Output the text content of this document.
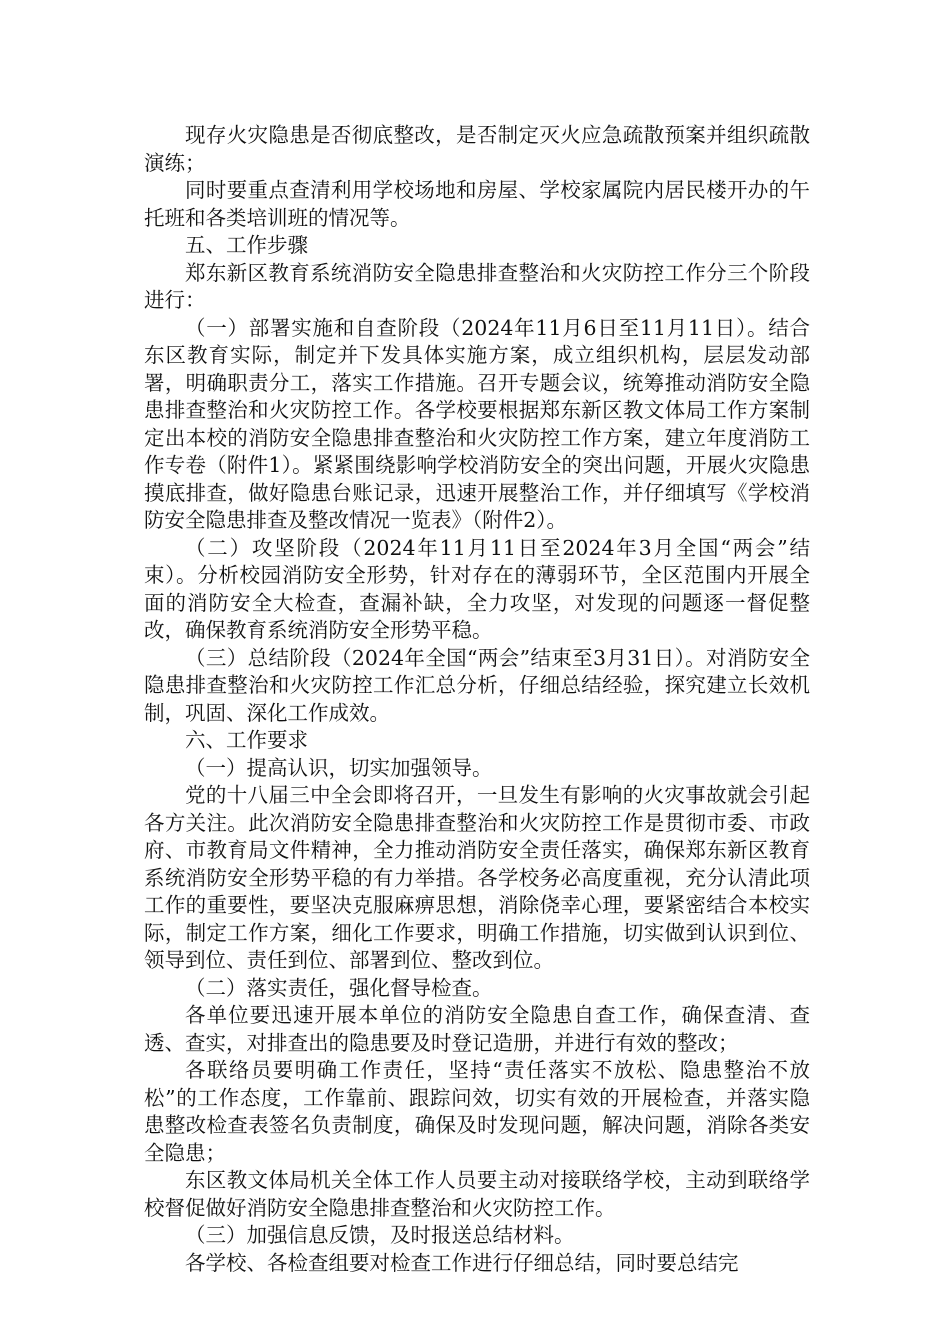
现存火灾隐患是否彻底整改，是否制定灭火应急疏散预案并组织疏散演练；

同时要重点查清利用学校场地和房屋、学校家属院内居民楼开办的午托班和各类培训班的情况等。

五、工作步骤

郑东新区教育系统消防安全隐患排查整治和火灾防控工作分三个阶段进行：

（一）部署实施和自查阶段（2024年11月6日至11月11日）。结合东区教育实际，制定并下发具体实施方案，成立组织机构，层层发动部署，明确职责分工，落实工作措施。召开专题会议，统筹推动消防安全隐患排查整治和火灾防控工作。各学校要根据郑东新区教文体局工作方案制定出本校的消防安全隐患排查整治和火灾防控工作方案，建立年度消防工作专卷（附件1）。紧紧围绕影响学校消防安全的突出问题，开展火灾隐患摸底排查，做好隐患台账记录，迅速开展整治工作，并仔细填写《学校消防安全隐患排查及整改情况一览表》（附件2）。

（二）攻坚阶段（2024年11月11日至2024年3月全国“两会”结束）。分析校园消防安全形势，针对存在的薄弱环节，全区范围内开展全面的消防安全大检查，查漏补缺，全力攻坚，对发现的问题逐一督促整改，确保教育系统消防安全形势平稳。

（三）总结阶段（2024年全国“两会”结束至3月31日）。对消防安全隐患排查整治和火灾防控工作汇总分析，仔细总结经验，探究建立长效机制，巩固、深化工作成效。

六、工作要求

（一）提高认识，切实加强领导。

党的十八届三中全会即将召开，一旦发生有影响的火灾事故就会引起各方关注。此次消防安全隐患排查整治和火灾防控工作是贯彻市委、市政府、市教育局文件精神，全力推动消防安全责任落实，确保郑东新区教育系统消防安全形势平稳的有力举措。各学校务必高度重视，充分认清此项工作的重要性，要坚决克服麻痹思想，消除侥幸心理，要紧密结合本校实际，制定工作方案，细化工作要求，明确工作措施，切实做到认识到位、领导到位、责任到位、部署到位、整改到位。

（二）落实责任，强化督导检查。

各单位要迅速开展本单位的消防安全隐患自查工作，确保查清、查透、查实，对排查出的隐患要及时登记造册，并进行有效的整改；

各联络员要明确工作责任，坚持“责任落实不放松、隐患整治不放松”的工作态度，工作靠前、跟踪问效，切实有效的开展检查，并落实隐患整改检查表签名负责制度，确保及时发现问题，解决问题，消除各类安全隐患；

东区教文体局机关全体工作人员要主动对接联络学校，主动到联络学校督促做好消防安全隐患排查整治和火灾防控工作。

（三）加强信息反馈，及时报送总结材料。

各学校、各检查组要对检查工作进行仔细总结，同时要总结完
